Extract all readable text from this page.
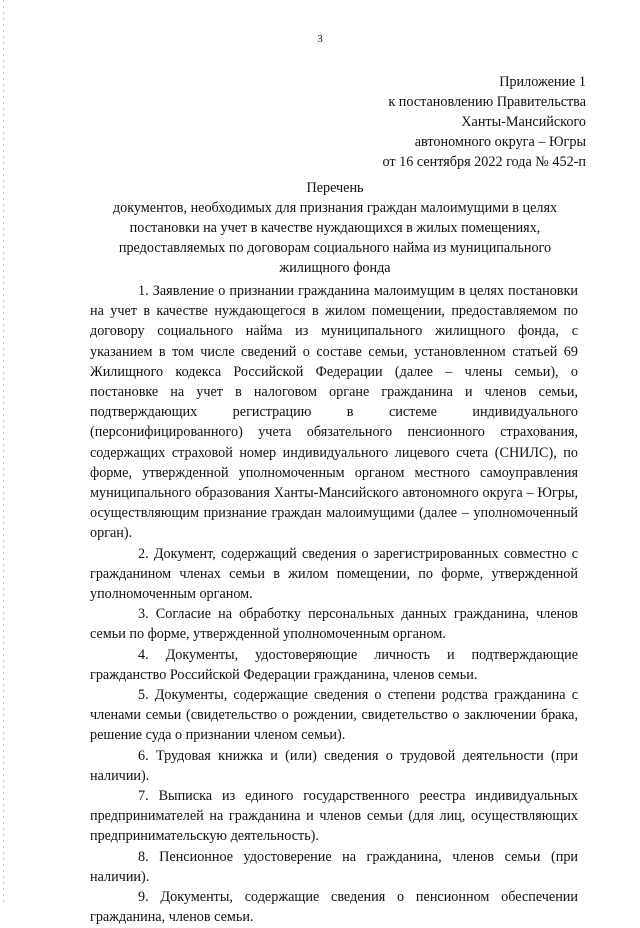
3
Приложение 1
к постановлению Правительства
Ханты-Мансийского
автономного округа – Югры
от 16 сентября 2022 года № 452-п
Перечень
документов, необходимых для признания граждан малоимущими в целях постановки на учет в качестве нуждающихся в жилых помещениях, предоставляемых по договорам социального найма из муниципального жилищного фонда

1. Заявление о признании гражданина малоимущим в целях постановки на учет в качестве нуждающегося в жилом помещении, предоставляемом по договору социального найма из муниципального жилищного фонда, с указанием в том числе сведений о составе семьи, установленном статьей 69 Жилищного кодекса Российской Федерации (далее – члены семьи), о постановке на учет в налоговом органе гражданина и членов семьи, подтверждающих регистрацию в системе индивидуального (персонифицированного) учета обязательного пенсионного страхования, содержащих страховой номер индивидуального лицевого счета (СНИЛС), по форме, утвержденной уполномоченным органом местного самоуправления муниципального образования Ханты-Мансийского автономного округа – Югры, осуществляющим признание граждан малоимущими (далее – уполномоченный орган).

2. Документ, содержащий сведения о зарегистрированных совместно с гражданином членах семьи в жилом помещении, по форме, утвержденной уполномоченным органом.

3. Согласие на обработку персональных данных гражданина, членов семьи по форме, утвержденной уполномоченным органом.

4. Документы, удостоверяющие личность и подтверждающие гражданство Российской Федерации гражданина, членов семьи.

5. Документы, содержащие сведения о степени родства гражданина с членами семьи (свидетельство о рождении, свидетельство о заключении брака, решение суда о признании членом семьи).

6. Трудовая книжка и (или) сведения о трудовой деятельности (при наличии).

7. Выписка из единого государственного реестра индивидуальных предпринимателей на гражданина и членов семьи (для лиц, осуществляющих предпринимательскую деятельность).

8. Пенсионное удостоверение на гражданина, членов семьи (при наличии).

9. Документы, содержащие сведения о пенсионном обеспечении гражданина, членов семьи.
